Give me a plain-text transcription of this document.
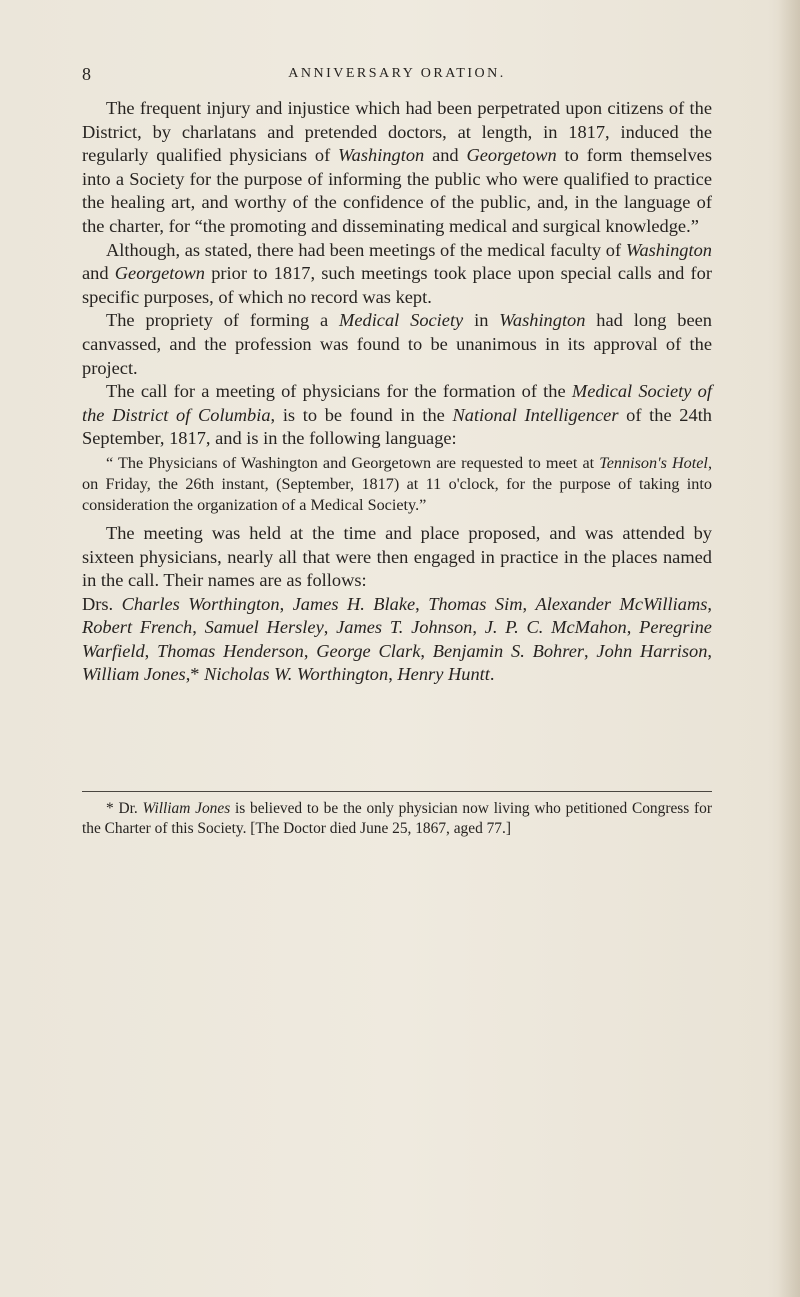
8	ANNIVERSARY ORATION.

The frequent injury and injustice which had been perpetrated upon citizens of the District, by charlatans and pretended doctors, at length, in 1817, induced the regularly qualified physicians of Washington and Georgetown to form themselves into a Society for the purpose of informing the public who were qualified to practice the healing art, and worthy of the confidence of the public, and, in the language of the charter, for “the promoting and disseminating medical and surgical knowledge.”

Although, as stated, there had been meetings of the medical faculty of Washington and Georgetown prior to 1817, such meetings took place upon special calls and for specific purposes, of which no record was kept.

The propriety of forming a Medical Society in Washington had long been canvassed, and the profession was found to be unanimous in its approval of the project.

The call for a meeting of physicians for the formation of the Medical Society of the District of Columbia, is to be found in the National Intelligencer of the 24th September, 1817, and is in the following language:

“ The Physicians of Washington and Georgetown are requested to meet at Tennison's Hotel, on Friday, the 26th instant, (September, 1817) at 11 o'clock, for the purpose of taking into consideration the organization of a Medical Society.”

The meeting was held at the time and place proposed, and was attended by sixteen physicians, nearly all that were then engaged in practice in the places named in the call. Their names are as follows:

Drs. Charles Worthington, James H. Blake, Thomas Sim, Alexander McWilliams, Robert French, Samuel Hersley, James T. Johnson, J. P. C. McMahon, Peregrine Warfield, Thomas Henderson, George Clark, Benjamin S. Bohrer, John Harrison, William Jones,* Nicholas W. Worthington, Henry Huntt.

* Dr. William Jones is believed to be the only physician now living who petitioned Congress for the Charter of this Society. [The Doctor died June 25, 1867, aged 77.]
